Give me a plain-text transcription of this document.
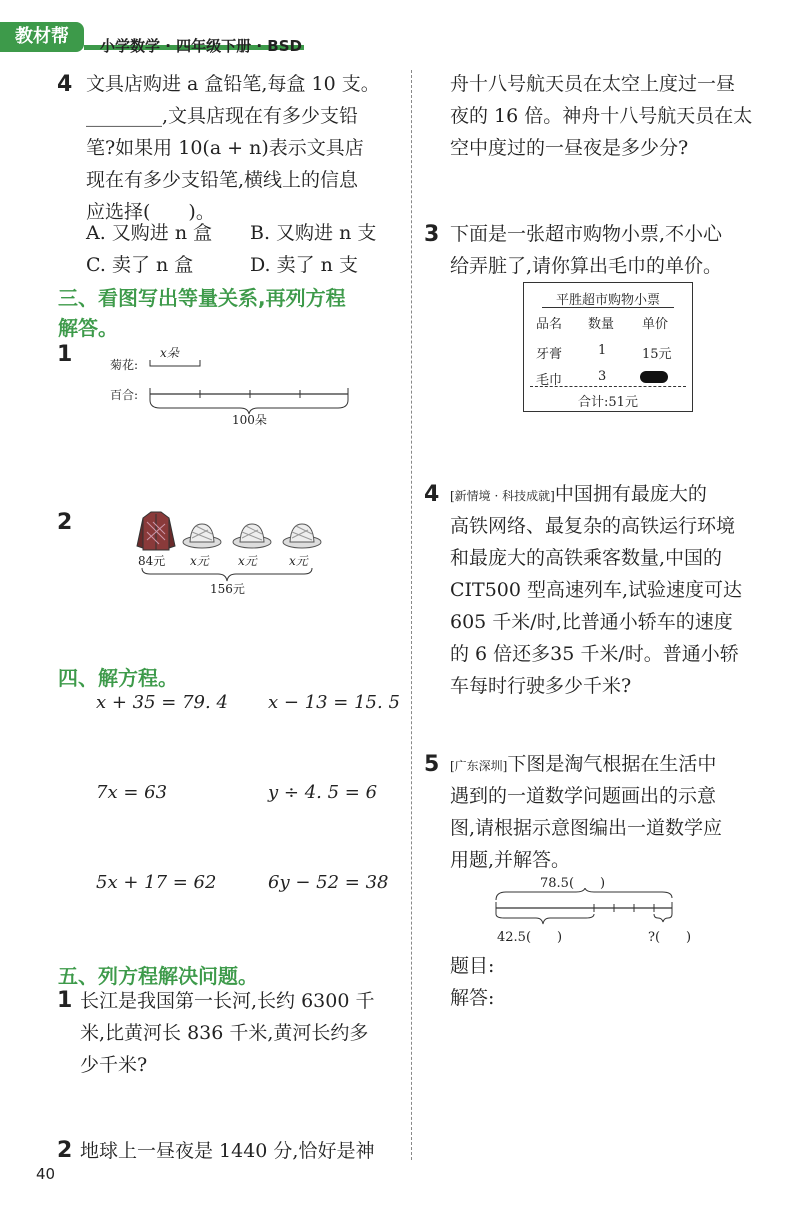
教材帮	小学数学 · 四年级下册 · BSD
4 文具店购进 a 盒铅笔,每盒 10 支。
________,文具店现在有多少支铅
笔?如果用 10(a + n)表示文具店
现在有多少支铅笔,横线上的信息
应选择(　　)。
A. 又购进 n 盒 B. 又购进 n 支
C. 卖了 n 盒	D. 卖了 n 支
三、看图写出等量关系,再列方程
解答。
1	菊花:
x朵
百合:
100朵
2
84元 x元 x元	x元
156元
四、解方程。
x + 35 = 79. 4 x − 13 = 15. 5
7x = 63	y ÷ 4. 5 = 6
5x + 17 = 62	6y − 52 = 38
五、列方程解决问题。
1 长江是我国第一长河,长约 6300 千
米,比黄河长 836 千米,黄河长约多
少千米?
2 地球上一昼夜是 1440 分,恰好是神
40
舟十八号航天员在太空上度过一昼
夜的 16 倍。神舟十八号航天员在太
空中度过的一昼夜是多少分?
3 下面是一张超市购物小票,不小心
给弄脏了,请你算出毛巾的单价。
平胜超市购物小票
品名 数量 单价
牙膏	1	15元
毛巾	3
合计:51元
4 [新情境 · 科技成就]中国拥有最庞大的
高铁网络、最复杂的高铁运行环境
和最庞大的高铁乘客数量,中国的
CIT500 型高速列车,试验速度可达
605 千米/时,比普通小轿车的速度
的 6 倍还多35 千米/时。普通小轿
车每时行驶多少千米?
5 [广东深圳]下图是淘气根据在生活中
遇到的一道数学问题画出的示意
图,请根据示意图编出一道数学应
用题,并解答。
78.5(　　)
42.5(　　)	?(　　)
题目:
解答:
